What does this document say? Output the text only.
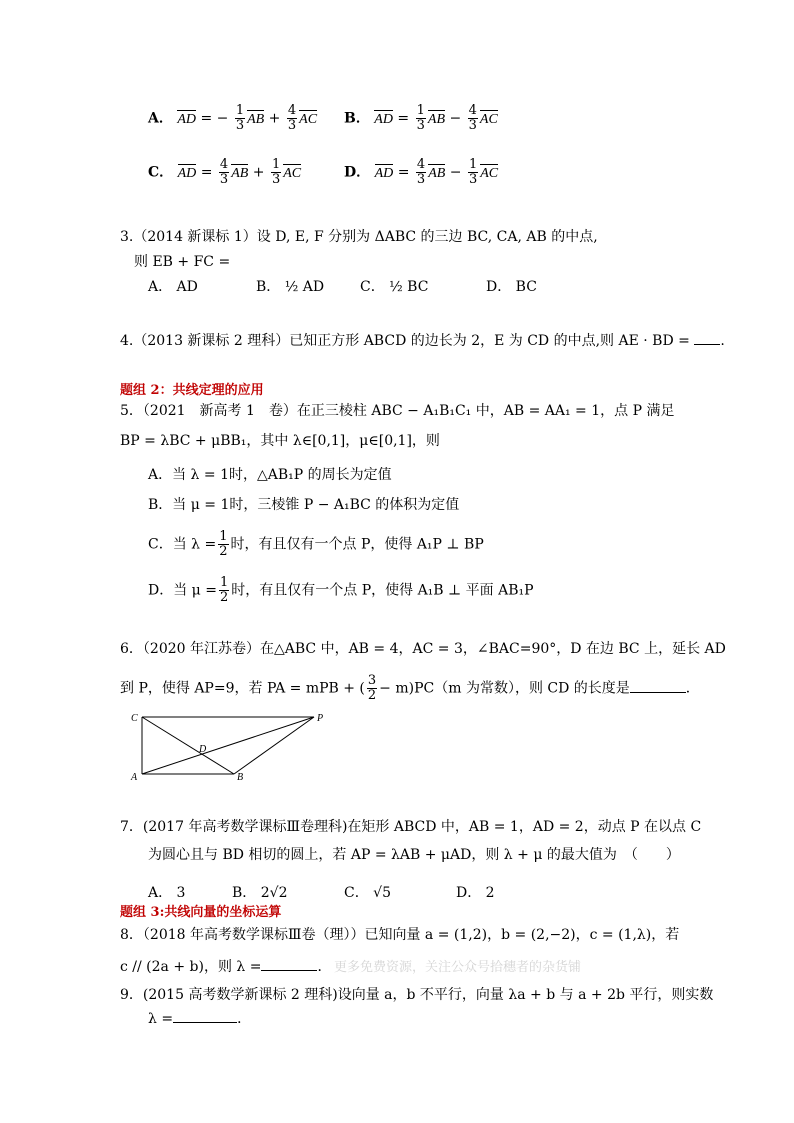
A． AD = − $\frac{1}{3}$ AB + $\frac{4}{3}$ AC B． AD = $\frac{1}{3}$ AB − $\frac{4}{3}$ AC
C． AD = $\frac{4}{3}$ AB + $\frac{1}{3}$ AC	D． AD = $\frac{4}{3}$ AB − $\frac{1}{3}$ AC
3.（2014 新课标 1）设 D, E, F 分别为 ΔABC 的三边 BC, CA, AB 的中点,
则 EB + FC =
A． AD	B． ½ AD	C． ½ BC	D． BC
4.（2013 新课标 2 理科）已知正方形 ABCD 的边长为 2，E 为 CD 的中点,则 AE · BD = .
题组 2：共线定理的应用
5．（2021　新高考 1　卷）在正三棱柱 ABC − A₁B₁C₁ 中，AB = AA₁ = 1，点 P 满足
BP = λBC + μBB₁，其中 λ∈[0,1]，μ∈[0,1]，则
A．当 λ = 1时，△AB₁P 的周长为定值
B．当 μ = 1时，三棱锥 P − A₁BC 的体积为定值
C．当 $\lambda = \frac{1}{2}$ 时，有且仅有一个点 P，使得 A₁P ⊥ BP
D．当 $\mu = \frac{1}{2}$ 时，有且仅有一个点 P，使得 A₁B ⊥ 平面 AB₁P
6．（2020 年江苏卷）在△ABC 中，AB = 4，AC = 3，∠BAC=90°，D 在边 BC 上，延长 AD
到 P，使得 AP=9，若 PA = mPB + ( $\frac{3}{2} - m)PC(m$ 为常数），则 CD 的长度是	．
C	P
D
A	B
7．(2017 年高考数学课标Ⅲ卷理科)在矩形 ABCD 中，AB = 1，AD = 2，动点 P 在以点 C
为圆心且与 BD 相切的圆上，若 AP = λAB + μAD，则 λ + μ 的最大值为　（　　）
A． 3	B． 2√2	C． √5	D． 2
题组 3:共线向量的坐标运算
8．（2018 年高考数学课标Ⅲ卷（理））已知向量 a = (1,2)，b = (2,−2)，c = (1,λ)，若
c // (2a + b)，则 λ =	． 更多免费资源，关注公众号拾穗者的杂货铺
9．(2015 高考数学新课标 2 理科)设向量 a，b 不平行，向量 λa + b 与 a + 2b 平行，则实数
λ =	．
